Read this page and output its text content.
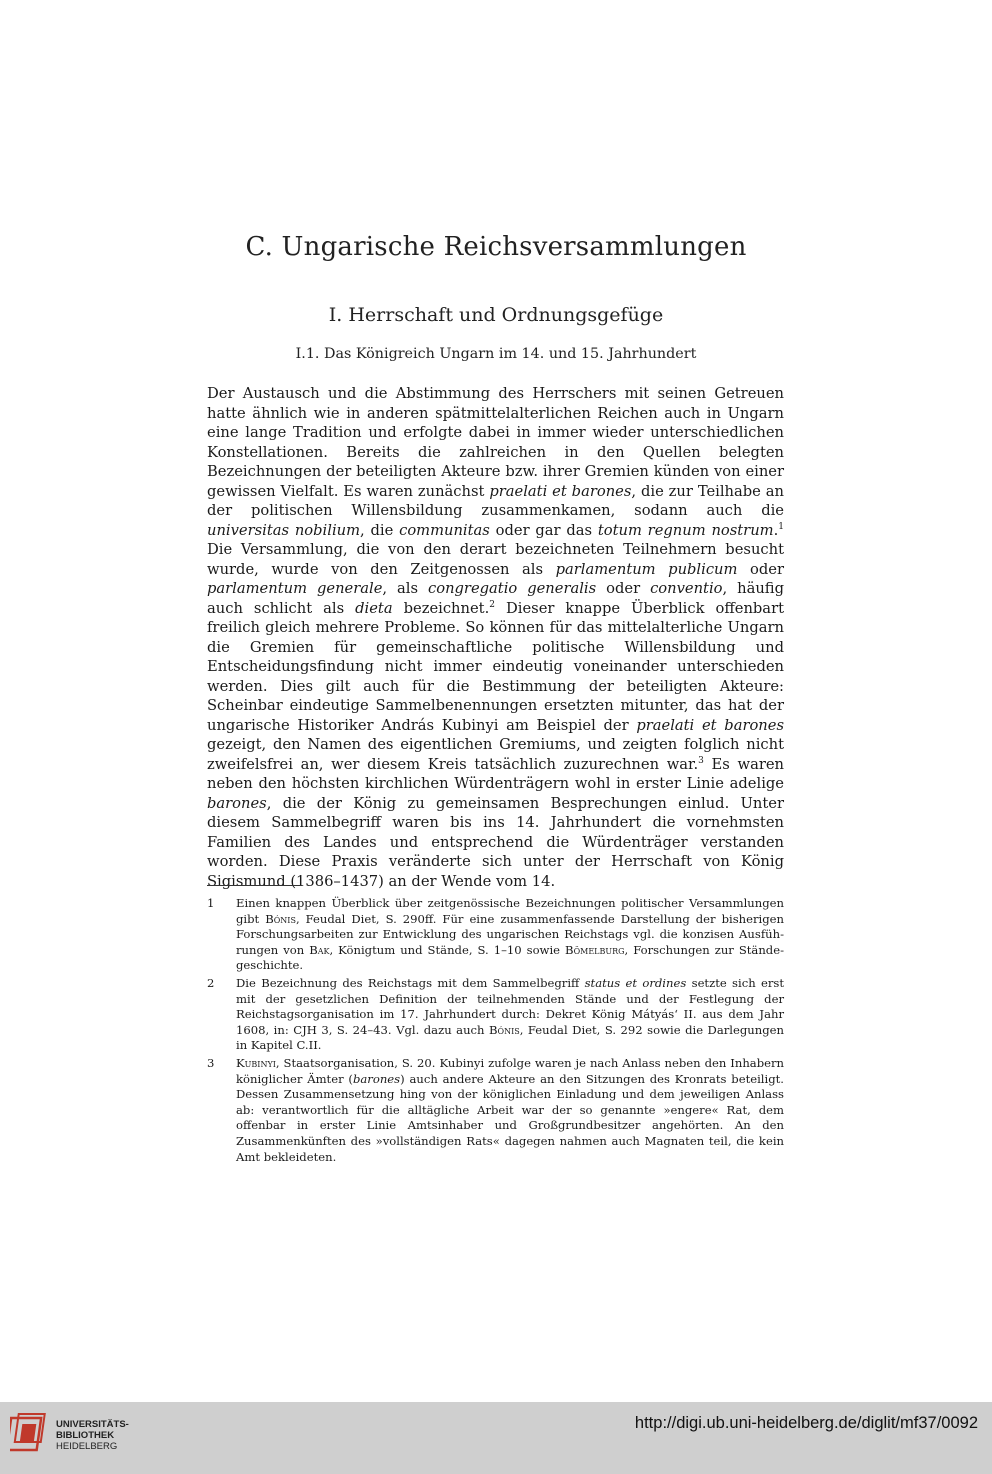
C. Ungarische Reichsversammlungen
I. Herrschaft und Ordnungsgefüge
I.1. Das Königreich Ungarn im 14. und 15. Jahrhundert

Der Austausch und die Abstimmung des Herrschers mit seinen Getreuen hatte ähnlich wie in anderen spätmittelalterlichen Reichen auch in Ungarn eine lange Tradition und erfolgte dabei in immer wieder unterschiedlichen Konstellationen. Bereits die zahlreichen in den Quellen belegten Bezeichnungen der beteiligten Akteure bzw. ihrer Gremien künden von einer gewissen Vielfalt. Es waren zunächst praelati et barones, die zur Teilhabe an der politischen Willensbildung zusammenkamen, sodann auch die universitas nobilium, die communitas oder gar das totum regnum nostrum.$^1$ Die Versammlung, die von den derart bezeichneten Teilnehmern besucht wurde, wurde von den Zeitgenossen als parlamentum publicum oder parlamentum generale, als congregatio generalis oder conventio, häufig auch schlicht als dieta bezeichnet.$^2$ Dieser knappe Überblick offenbart freilich gleich mehrere Probleme. So können für das mittelalterliche Ungarn die Gremien für gemeinschaftliche politische Willensbildung und Entscheidungsfindung nicht immer eindeutig voneinander unterschieden werden. Dies gilt auch für die Bestimmung der beteiligten Akteure: Scheinbar eindeutige Sammelbenennungen ersetzten mitunter, das hat der ungarische Historiker András Kubinyi am Beispiel der praelati et barones gezeigt, den Namen des eigentlichen Gremiums, und zeigten folglich nicht zweifelsfrei an, wer diesem Kreis tatsächlich zuzurechnen war.$^3$ Es waren neben den höchsten kirchlichen Würdenträgern wohl in erster Linie adelige barones, die der König zu gemeinsamen Besprechungen einlud. Unter diesem Sammelbegriff waren bis ins 14. Jahrhundert die vornehmsten Familien des Landes und entsprechend die Würdenträger verstanden worden. Diese Praxis veränderte sich unter der Herrschaft von König Sigismund (1386–1437) an der Wende vom 14.

1	Einen knappen Überblick über zeitgenössische Bezeichnungen politischer Versammlungen gibt Bónis, Feudal Diet, S. 290ff. Für eine zusammenfassende Darstellung der bisherigen Forschungsarbeiten zur Entwicklung des ungarischen Reichstags vgl. die konzisen Ausführungen von Bak, Königtum und Stände, S. 1–10 sowie Bömelburg, Forschungen zur Ständegeschichte.
2	Die Bezeichnung des Reichstags mit dem Sammelbegriff status et ordines setzte sich erst mit der gesetzlichen Definition der teilnehmenden Stände und der Festlegung der Reichstagsorganisation im 17. Jahrhundert durch: Dekret König Mátyás‘ II. aus dem Jahr 1608, in: CJH 3, S. 24–43. Vgl. dazu auch Bónis, Feudal Diet, S. 292 sowie die Darlegungen in Kapitel C.II.
3	Kubinyi, Staatsorganisation, S. 20. Kubinyi zufolge waren je nach Anlass neben den Inhabern königlicher Ämter (barones) auch andere Akteure an den Sitzungen des Kronrats beteiligt. Dessen Zusammensetzung hing von der königlichen Einladung und dem jeweiligen Anlass ab: verantwortlich für die alltägliche Arbeit war der so genannte »engere« Rat, dem offenbar in erster Linie Amtsinhaber und Großgrundbesitzer angehörten. An den Zusammenkünften des »vollständigen Rats« dagegen nahmen auch Magnaten teil, die kein Amt bekleideten.
UNIVERSITÄTS-
BIBLIOTHEK
HEIDELBERG
http://digi.ub.uni-heidelberg.de/diglit/mf37/0092
